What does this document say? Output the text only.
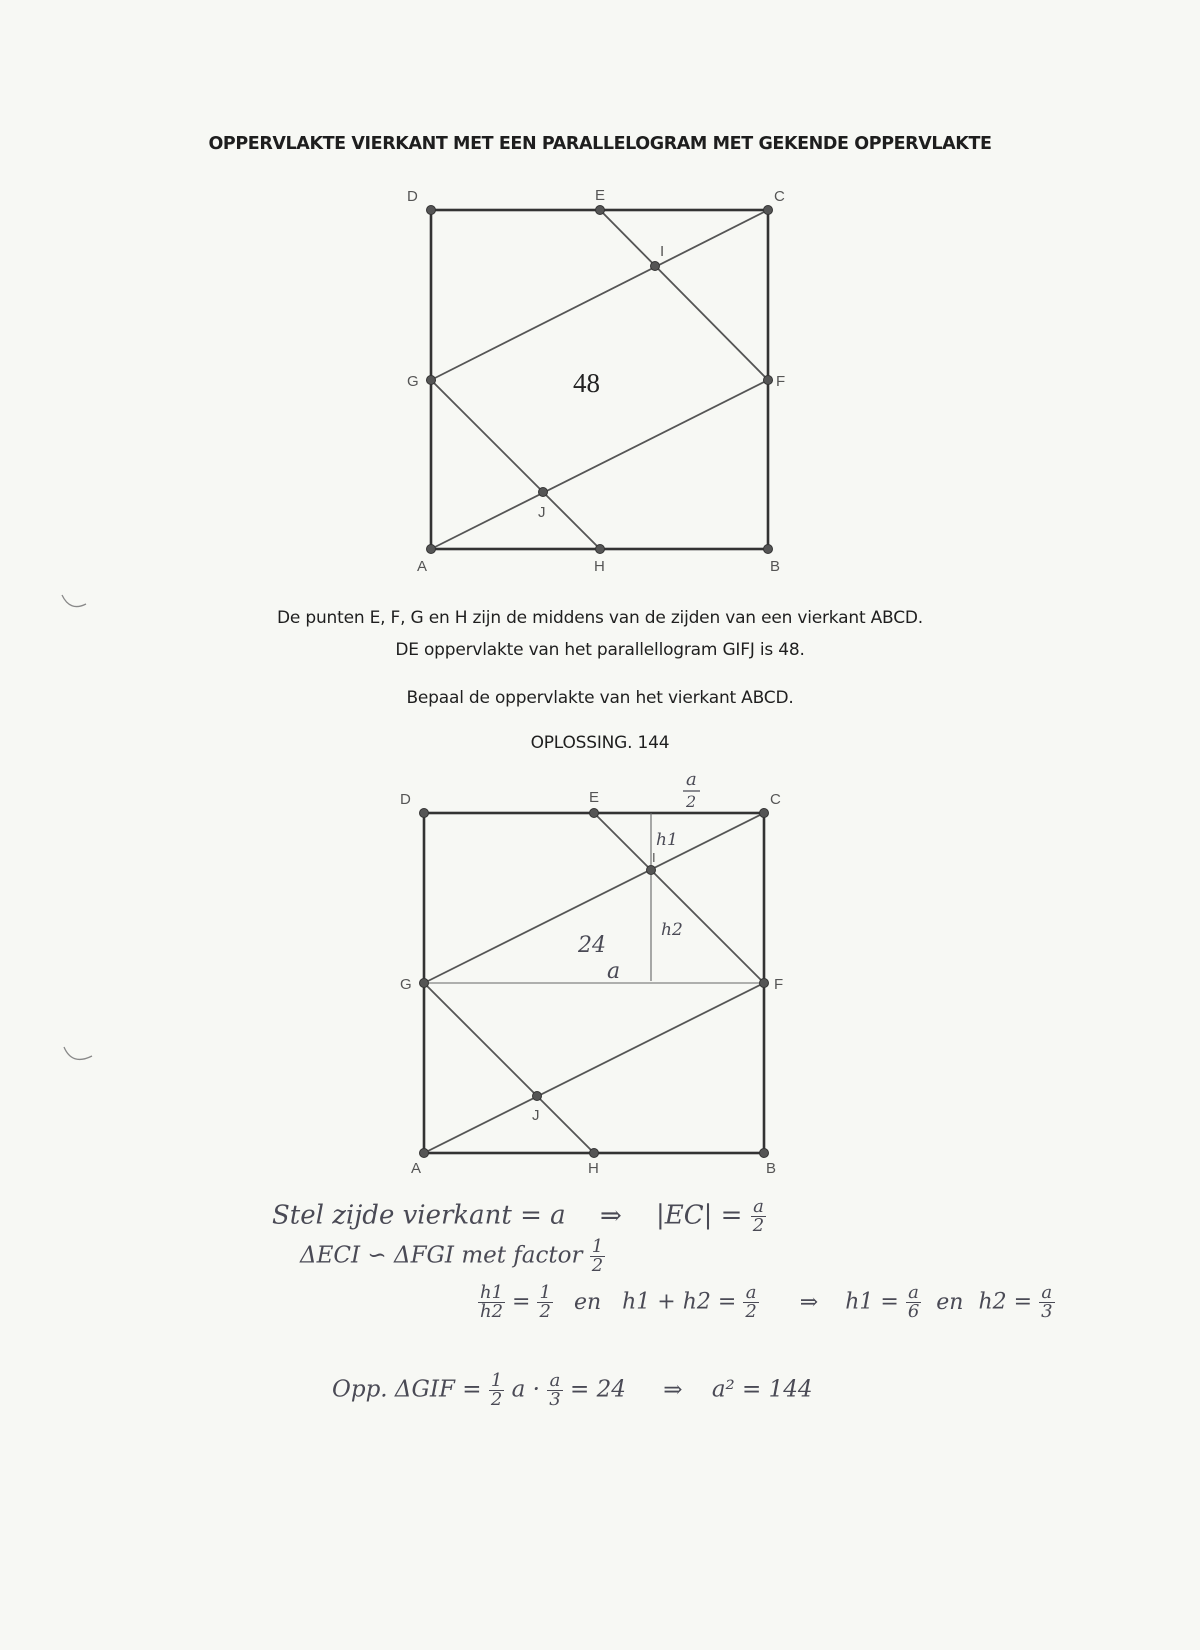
OPPERVLAKTE VIERKANT MET EEN PARALLELOGRAM MET GEKENDE OPPERVLAKTE
D	E	C
F
G
I
J
A	H	B
48
D	E	C
F
G
I
J
A	H	B
a
2
h1
h2
24
a
De punten E, F, G en H zijn de middens van de zijden van een vierkant ABCD.
DE oppervlakte van het parallellogram GIFJ is 48.
Bepaal de oppervlakte van het vierkant ABCD.
OPLOSSING. 144
Stel zijde vierkant = a ⇒ $|EC| = \frac{a}{2}$
ΔECI ∽ ΔFGI met factor $\frac{1}{2}$
$\frac{h1}{h2} = \frac{1}{2}$ en $h1 + h2 = \frac{a}{2}$ ⇒ $h1 = \frac{a}{6}$ en $h2 = \frac{a}{3}$
Opp. $\Delta GIF = \frac{1}{2}$ $a \cdot \frac{a}{3} = 24$ ⇒ a² = 144
